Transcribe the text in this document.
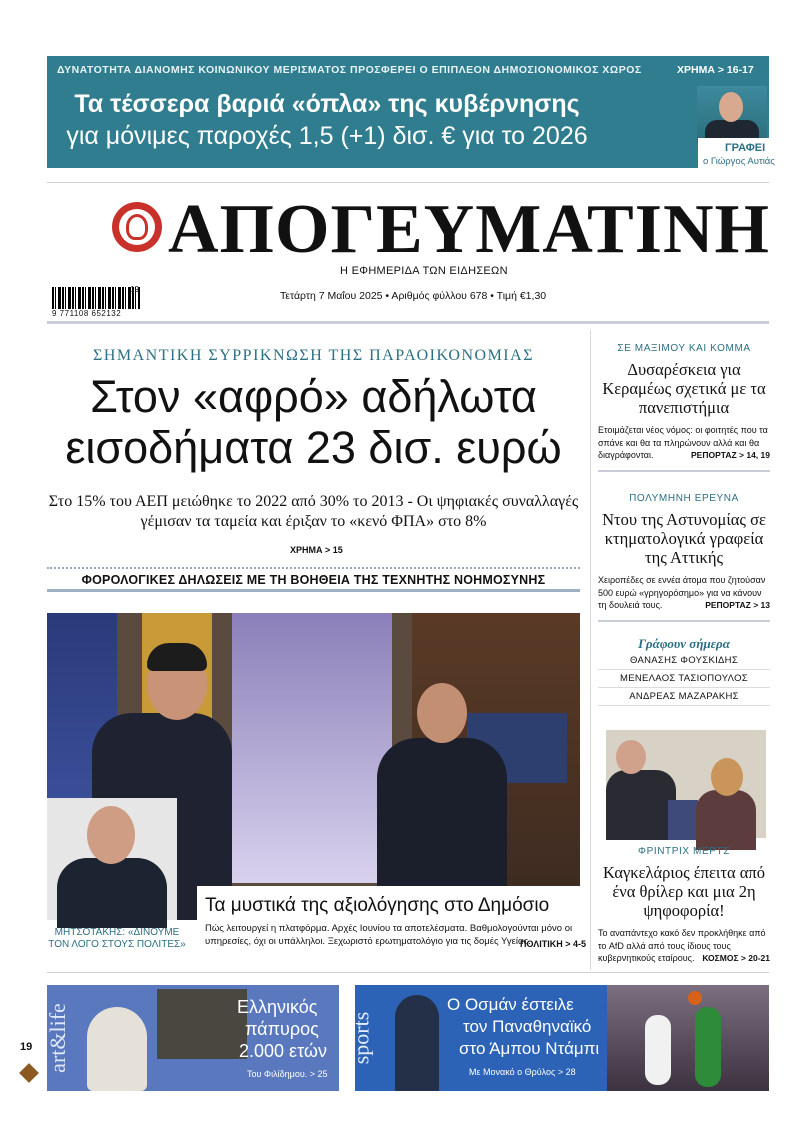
ΔΥΝΑΤΟΤΗΤΑ ΔΙΑΝΟΜΗΣ ΚΟΙΝΩΝΙΚΟΥ ΜΕΡΙΣΜΑΤΟΣ ΠΡΟΣΦΕΡΕΙ Ο ΕΠΙΠΛΕΟΝ ΔΗΜΟΣΙΟΝΟΜΙΚΟΣ ΧΩΡΟΣ	ΧΡΗΜΑ > 16-17
Τα τέσσερα βαριά «όπλα» της κυβέρνησης
για μόνιμες παροχές 1,5 (+1) δισ. € για το 2026	ΓΡΑΦΕΙ
ο Γιώργος Αυτιάς
ΑΠΟΓΕΥΜΑΤΙΝΗ
Η ΕΦΗΜΕΡΙΔΑ ΤΩΝ ΕΙΔΗΣΕΩΝ
9 771108 652132
19
Τετάρτη 7 Μαΐου 2025 • Αριθμός φύλλου 678 • Τιμή €1,30
ΣΗΜΑΝΤΙΚΗ ΣΥΡΡΙΚΝΩΣΗ ΤΗΣ ΠΑΡΑΟΙΚΟΝΟΜΙΑΣ
Στον «αφρό» αδήλωτα
εισοδήματα 23 δισ. ευρώ
Στο 15% του ΑΕΠ μειώθηκε το 2022 από 30% το 2013 - Οι ψηφιακές συναλλαγές γέμισαν τα ταμεία και έριξαν το «κενό ΦΠΑ» στο 8%
ΧΡΗΜΑ > 15
ΦΟΡΟΛΟΓΙΚΕΣ ΔΗΛΩΣΕΙΣ ΜΕ ΤΗ ΒΟΗΘΕΙΑ ΤΗΣ ΤΕΧΝΗΤΗΣ ΝΟΗΜΟΣΥΝΗΣ
Τα μυστικά της αξιολόγησης στο Δημόσιο
ΜΗΤΣΟΤΑΚΗΣ: «ΔΙΝΟΥΜΕ ΤΟΝ ΛΟΓΟ ΣΤΟΥΣ ΠΟΛΙΤΕΣ»
Πώς λειτουργεί η πλατφόρμα. Αρχές Ιουνίου τα αποτελέσματα. Βαθμολογούνται μόνο οι υπηρεσίες, όχι οι υπάλληλοι. Ξεχωριστό ερωτηματολόγιο για τις δομές Υγείας.
ΠΟΛΙΤΙΚΗ > 4-5
ΣΕ ΜΑΞΙΜΟΥ ΚΑΙ ΚΟΜΜΑ
Δυσαρέσκεια για Κεραμέως σχετικά με τα πανεπιστήμια
Ετοιμάζεται νέος νόμος: οι φοιτητές που τα σπάνε και θα τα πληρώνουν αλλά και θα διαγράφονται.	ΡΕΠΟΡΤΑΖ > 14, 19
ΠΟΛΥΜΗΝΗ ΕΡΕΥΝΑ
Ντου της Αστυνομίας σε κτηματολογικά γραφεία της Αττικής
Χειροπέδες σε εννέα άτομα που ζητούσαν 500 ευρώ «γρηγορόσημο» για να κάνουν τη δουλειά τους.	ΡΕΠΟΡΤΑΖ > 13
Γράφουν σήμερα
ΘΑΝΑΣΗΣ ΦΟΥΣΚΙΔΗΣ
ΜΕΝΕΛΑΟΣ ΤΑΣΙΟΠΟΥΛΟΣ
ΑΝΔΡΕΑΣ ΜΑΖΑΡΑΚΗΣ
ΦΡΙΝΤΡΙΧ ΜΕΡΤΣ
Καγκελάριος έπειτα από ένα θρίλερ και μια 2η ψηφοφορία!
Το αναπάντεχο κακό δεν προκλήθηκε από το AfD αλλά από τους ίδιους τους κυβερνητικούς εταίρους. ΚΟΣΜΟΣ > 20-21
19 art&life	Ελληνικός
πάπυρος
2.000 ετών
Του Φιλίδημου. > 25
sports
Ο Οσμάν έστειλε
τον Παναθηναϊκό
στο Άμπου Ντάμπι
Με Μονακό ο Θρύλος > 28
